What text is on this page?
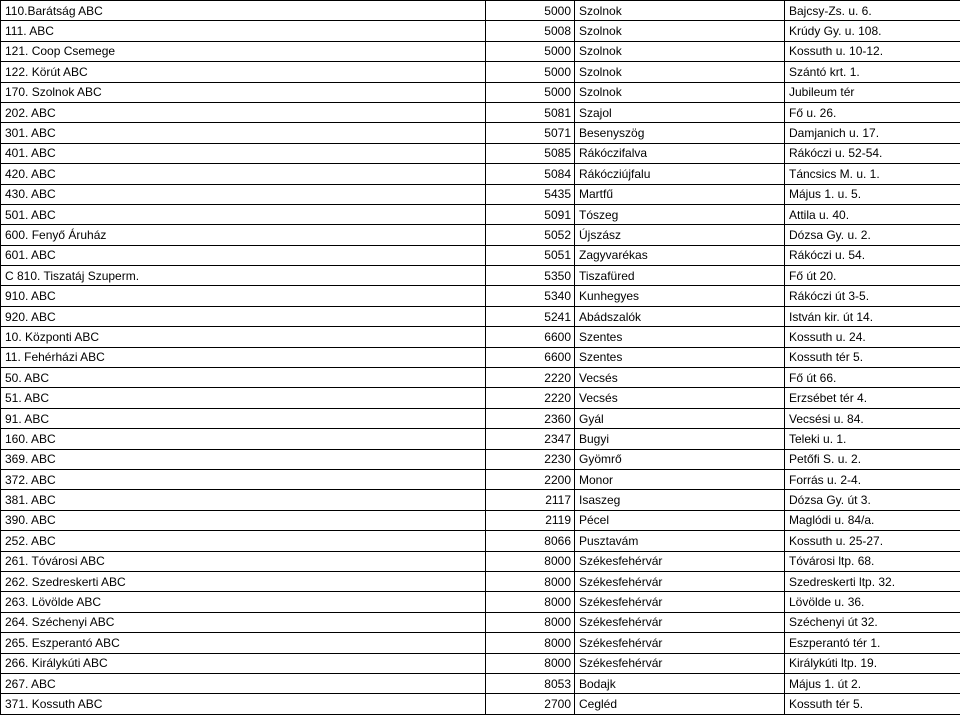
110.Barátság ABC	5000	Szolnok	Bajcsy-Zs. u. 6.
111. ABC	5008	Szolnok	Krúdy Gy. u. 108.
121. Coop Csemege	5000	Szolnok	Kossuth u. 10-12.
122. Körút ABC	5000	Szolnok	Szántó krt. 1.
170. Szolnok ABC	5000	Szolnok	Jubileum tér
202. ABC	5081	Szajol	Fő u. 26.
301. ABC	5071	Besenyszög	Damjanich u. 17.
401. ABC	5085	Rákóczifalva	Rákóczi u. 52-54.
420. ABC	5084	Rákócziújfalu	Táncsics M. u. 1.
430. ABC	5435	Martfű	Május 1. u. 5.
501. ABC	5091	Tószeg	Attila u. 40.
600. Fenyő Áruház	5052	Újszász	Dózsa Gy. u. 2.
601. ABC	5051	Zagyvarékas	Rákóczi u. 54.
C 810. Tiszatáj Szuperm.	5350	Tiszafüred	Fő út 20.
910. ABC	5340	Kunhegyes	Rákóczi út 3-5.
920. ABC	5241	Abádszalók	István kir. út 14.
10. Központi ABC	6600	Szentes	Kossuth u. 24.
11. Fehérházi ABC	6600	Szentes	Kossuth tér 5.
50. ABC	2220	Vecsés	Fő út 66.
51. ABC	2220	Vecsés	Erzsébet tér 4.
91. ABC	2360	Gyál	Vecsési u. 84.
160. ABC	2347	Bugyi	Teleki u. 1.
369. ABC	2230	Gyömrő	Petőfi S. u. 2.
372. ABC	2200	Monor	Forrás u. 2-4.
381. ABC	2117	Isaszeg	Dózsa Gy. út 3.
390. ABC	2119	Pécel	Maglódi u. 84/a.
252. ABC	8066	Pusztavám	Kossuth u. 25-27.
261. Tóvárosi ABC	8000	Székesfehérvár	Tóvárosi ltp. 68.
262. Szedreskerti ABC	8000	Székesfehérvár	Szedreskerti ltp. 32.
263. Lövölde ABC	8000	Székesfehérvár	Lövölde u. 36.
264. Széchenyi ABC	8000	Székesfehérvár	Széchenyi út 32.
265. Eszperantó ABC	8000	Székesfehérvár	Eszperantó tér 1.
266. Királykúti ABC	8000	Székesfehérvár	Királykúti ltp. 19.
267. ABC	8053	Bodajk	Május 1. út 2.
371. Kossuth ABC	2700	Cegléd	Kossuth tér 5.
